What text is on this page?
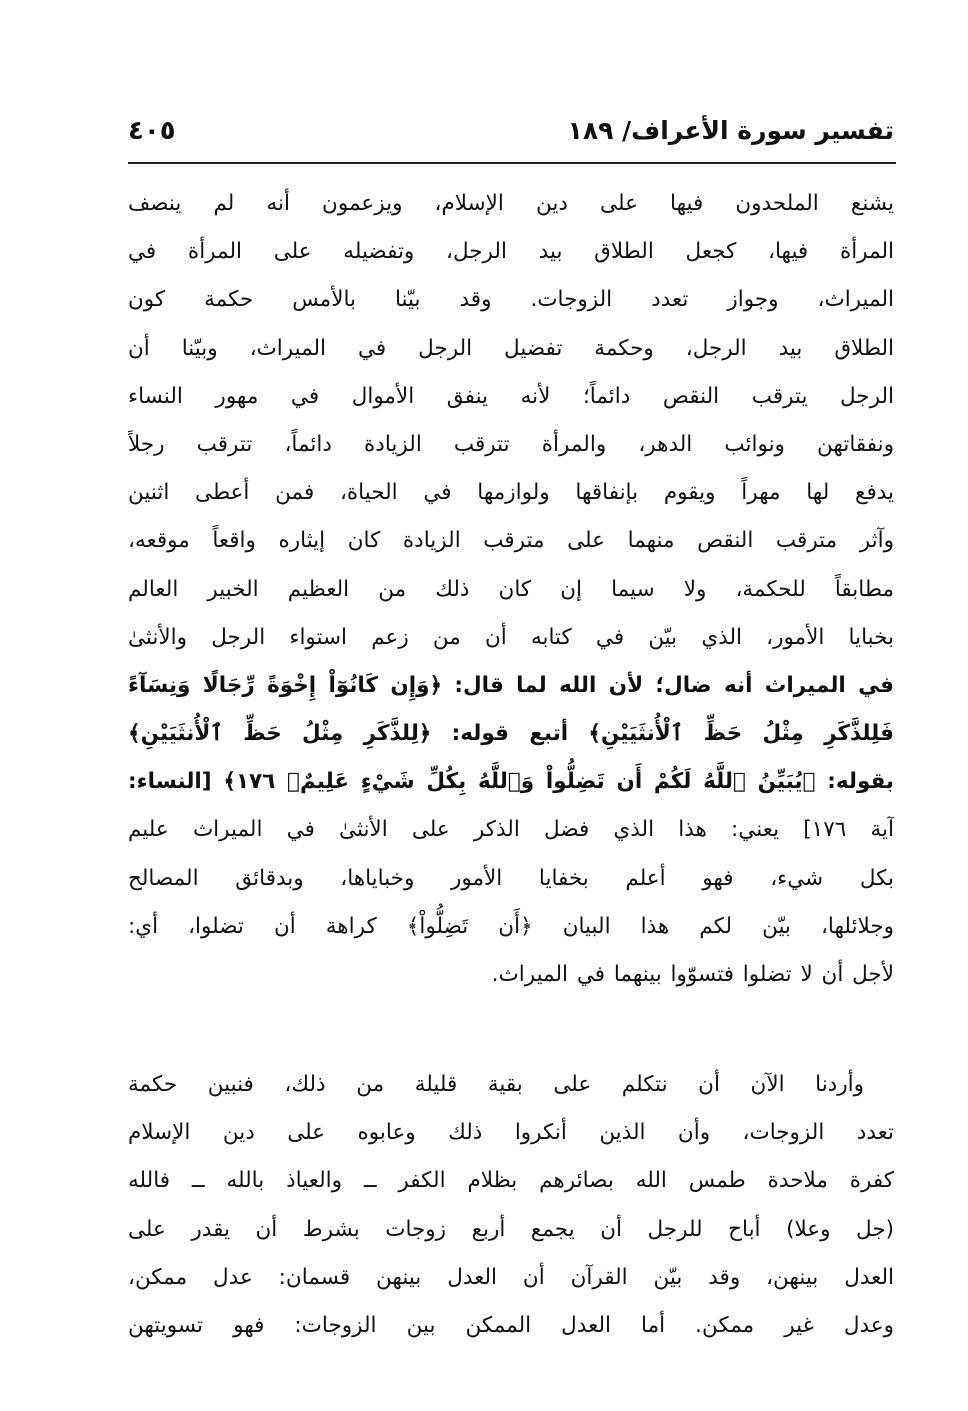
تفسير سورة الأعراف/ ١٨٩
٤٠٥
يشنع الملحدون فيها على دين الإسلام، ويزعمون أنه لم ينصف
المرأة فيها، كجعل الطلاق بيد الرجل، وتفضيله على المرأة في
الميراث، وجواز تعدد الزوجات. وقد بيّنا بالأمس حكمة كون
الطلاق بيد الرجل، وحكمة تفضيل الرجل في الميراث، وبيّنا أن
الرجل يترقب النقص دائماً؛ لأنه ينفق الأموال في مهور النساء
ونفقاتهن ونوائب الدهر، والمرأة تترقب الزيادة دائماً، تترقب رجلاً
يدفع لها مهراً ويقوم بإنفاقها ولوازمها في الحياة، فمن أعطى اثنين
وآثر مترقب النقص منهما على مترقب الزيادة كان إيثاره واقعاً موقعه،
مطابقاً للحكمة، ولا سيما إن كان ذلك من العظيم الخبير العالم
بخبايا الأمور، الذي بيّن في كتابه أن من زعم استواء الرجل والأنثىٰ
في الميراث أنه ضال؛ لأن الله لما قال: ﴿وَإِن كَانُوٓاْ إِخْوَةً رِّجَالًا وَنِسَآءً
فَلِلذَّكَرِ مِثْلُ حَظِّ ٱلْأُنثَيَيْنِ﴾ أتبع قوله: ﴿لِلذَّكَرِ مِثْلُ حَظِّ ٱلْأُنثَيَيْنِ﴾
بقوله: ﴿يُبَيِّنُ ٱللَّهُ لَكُمْ أَن تَضِلُّواْ وَٱللَّهُ بِكُلِّ شَيْءٍ عَلِيمٌۢ ١٧٦﴾ [النساء:
آية ١٧٦] يعني: هذا الذي فضل الذكر على الأنثىٰ في الميراث عليم
بكل شيء، فهو أعلم بخفايا الأمور وخباياها، وبدقائق المصالح
وجلائلها، بيّن لكم هذا البيان ﴿أَن تَضِلُّواْ﴾ كراهة أن تضلوا، أي:
لأجل أن لا تضلوا فتسوّوا بينهما في الميراث.
وأردنا الآن أن نتكلم على بقية قليلة من ذلك، فنبين حكمة
تعدد الزوجات، وأن الذين أنكروا ذلك وعابوه على دين الإسلام
كفرة ملاحدة طمس الله بصائرهم بظلام الكفر ــ والعياذ بالله ــ فالله
(جل وعلا) أباح للرجل أن يجمع أربع زوجات بشرط أن يقدر على
العدل بينهن، وقد بيّن القرآن أن العدل بينهن قسمان: عدل ممكن،
وعدل غير ممكن. أما العدل الممكن بين الزوجات: فهو تسويتهن
